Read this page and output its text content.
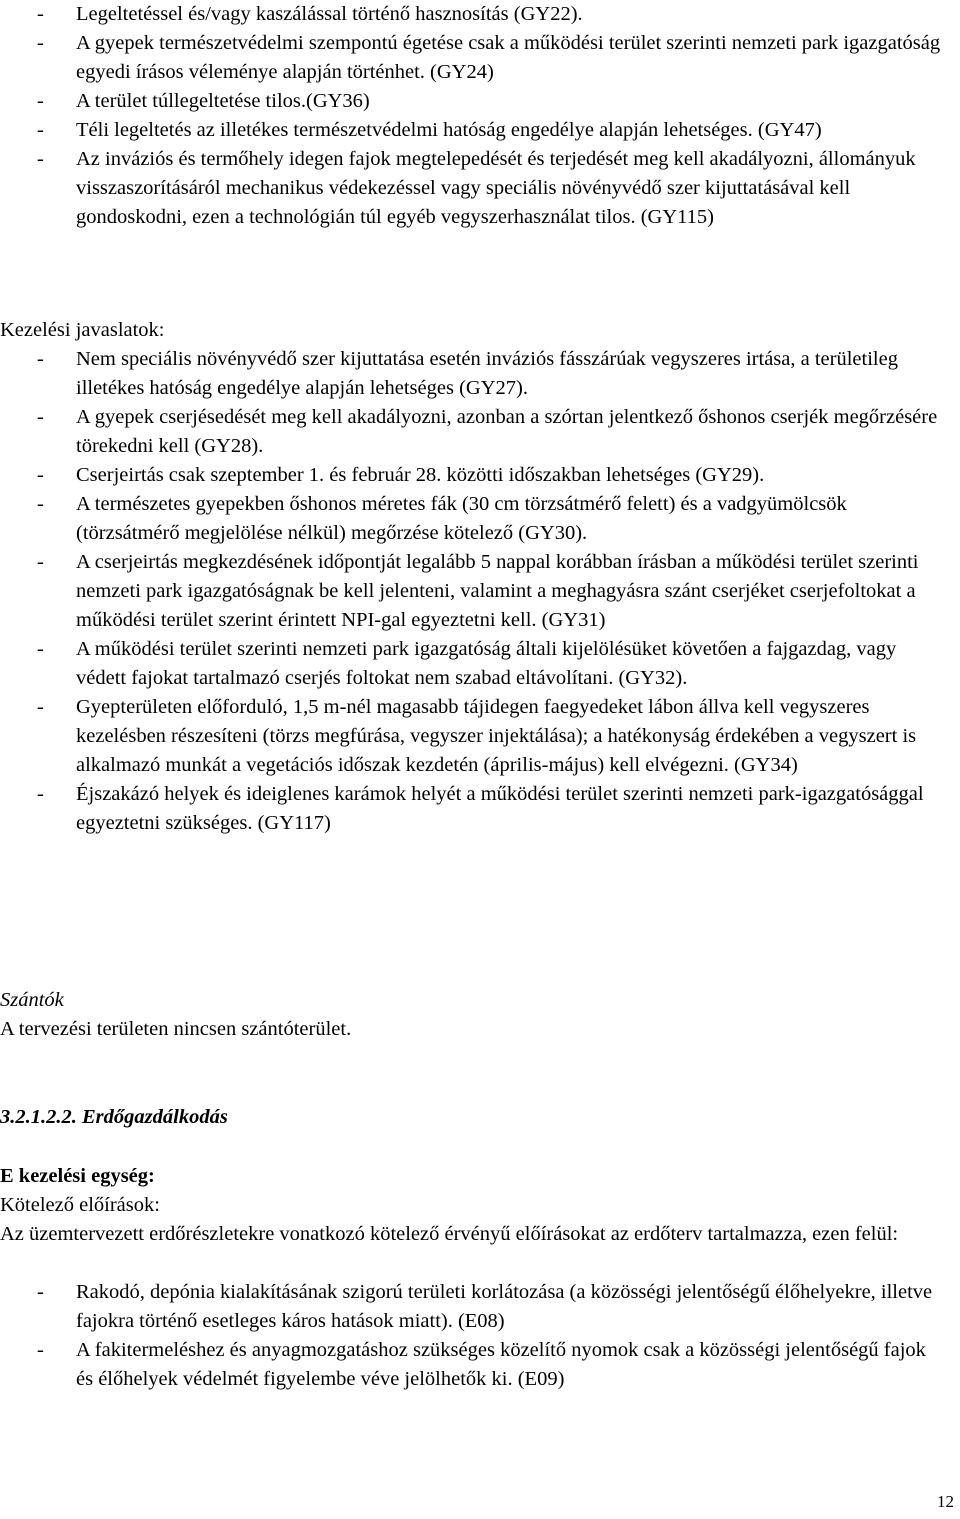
- Legeltetéssel és/vagy kaszálással történő hasznosítás (GY22).
- A gyepek természetvédelmi szempontú égetése csak a működési terület szerinti nemzeti park igazgatóság egyedi írásos véleménye alapján történhet. (GY24)
- A terület túllegeltetése tilos.(GY36)
- Téli legeltetés az illetékes természetvédelmi hatóság engedélye alapján lehetséges. (GY47)
- Az inváziós és termőhely idegen fajok megtelepedését és terjedését meg kell akadályozni, állományuk visszaszorításáról mechanikus védekezéssel vagy speciális növényvédő szer kijuttatásával kell gondoskodni, ezen a technológián túl egyéb vegyszerhasználat tilos. (GY115)

Kezelési javaslatok:

- Nem speciális növényvédő szer kijuttatása esetén inváziós fásszárúak vegyszeres irtása, a területileg illetékes hatóság engedélye alapján lehetséges (GY27).
- A gyepek cserjésedését meg kell akadályozni, azonban a szórtan jelentkező őshonos cserjék megőrzésére törekedni kell (GY28).
- Cserjeirtás csak szeptember 1. és február 28. közötti időszakban lehetséges (GY29).
- A természetes gyepekben őshonos méretes fák (30 cm törzsátmérő felett) és a vadgyümölcsök (törzsátmérő megjelölése nélkül) megőrzése kötelező (GY30).
- A cserjeirtás megkezdésének időpontját legalább 5 nappal korábban írásban a működési terület szerinti nemzeti park igazgatóságnak be kell jelenteni, valamint a meghagyásra szánt cserjéket cserjefoltokat a működési terület szerint érintett NPI-gal egyeztetni kell. (GY31)
- A működési terület szerinti nemzeti park igazgatóság általi kijelölésüket követően a fajgazdag, vagy védett fajokat tartalmazó cserjés foltokat nem szabad eltávolítani. (GY32).
- Gyepterületen előforduló, 1,5 m-nél magasabb tájidegen faegyedeket lábon állva kell vegyszeres kezelésben részesíteni (törzs megfúrása, vegyszer injektálása); a hatékonyság érdekében a vegyszert is alkalmazó munkát a vegetációs időszak kezdetén (április-május) kell elvégezni. (GY34)
- Éjszakázó helyek és ideiglenes karámok helyét a működési terület szerinti nemzeti park-igazgatósággal egyeztetni szükséges. (GY117)

Szántók

A tervezési területen nincsen szántóterület.

3.2.1.2.2. Erdőgazdálkodás

E kezelési egység:

Kötelező előírások:

Az üzemtervezett erdőrészletekre vonatkozó kötelező érvényű előírásokat az erdőterv tartalmazza, ezen felül:

- Rakodó, depónia kialakításának szigorú területi korlátozása (a közösségi jelentőségű élőhelyekre, illetve fajokra történő esetleges káros hatások miatt). (E08)
- A fakitermeléshez és anyagmozgatáshoz szükséges közelítő nyomok csak a közösségi jelentőségű fajok és élőhelyek védelmét figyelembe véve jelölhetők ki. (E09)
12
